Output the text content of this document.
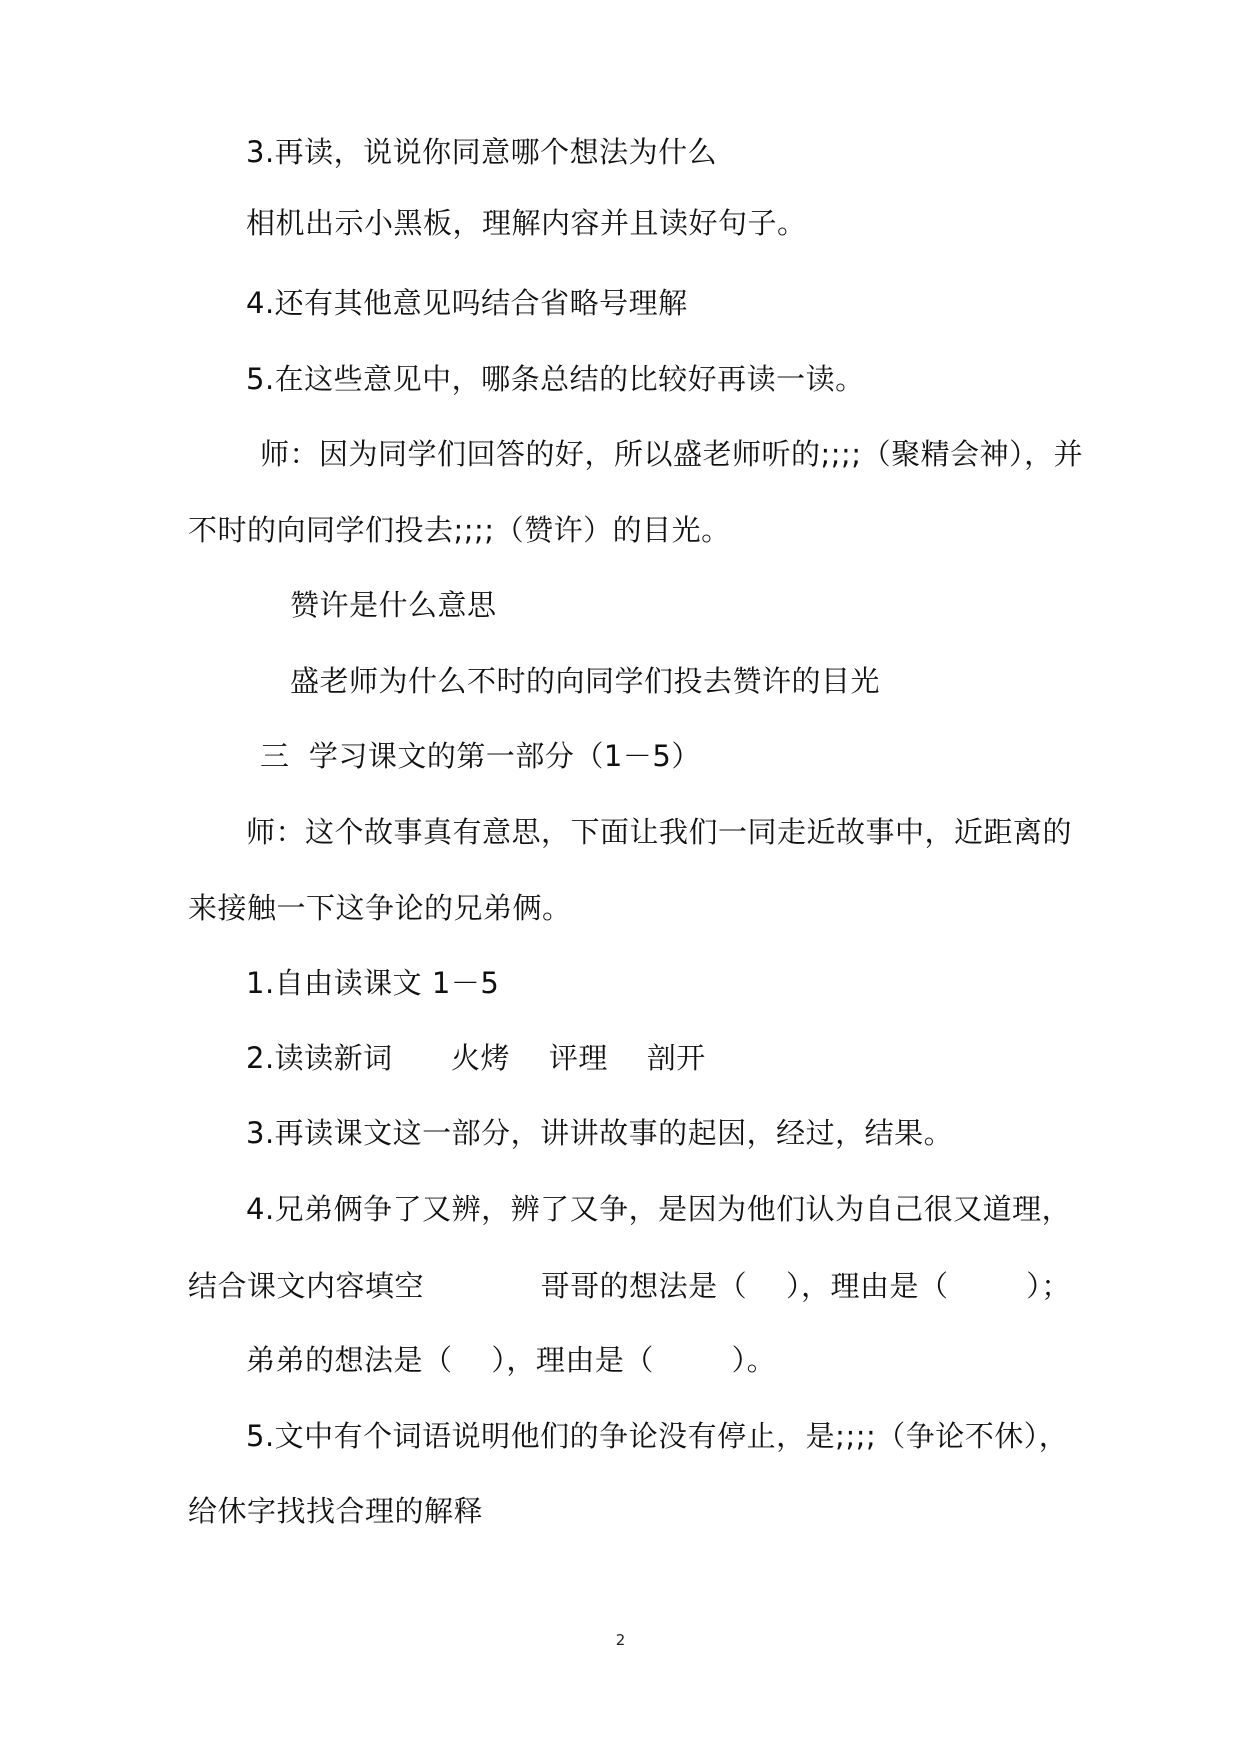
3.再读，说说你同意哪个想法为什么

相机出示小黑板，理解内容并且读好句子。

4.还有其他意见吗结合省略号理解

5.在这些意见中，哪条总结的比较好再读一读。

师：因为同学们回答的好，所以盛老师听的;;;;（聚精会神），并

不时的向同学们投去;;;;（赞许）的目光。

赞许是什么意思

盛老师为什么不时的向同学们投去赞许的目光

三  学习课文的第一部分（1－5）

师：这个故事真有意思，下面让我们一同走近故事中，近距离的

来接触一下这争论的兄弟俩。

1.自由读课文 1－5

2.读读新词      火烤    评理    剖开

3.再读课文这一部分，讲讲故事的起因，经过，结果。

4.兄弟俩争了又辨，辨了又争，是因为他们认为自己很又道理，

结合课文内容填空            哥哥的想法是（    ），理由是（        ）；

弟弟的想法是（    ），理由是（        ）。

5.文中有个词语说明他们的争论没有停止，是;;;;（争论不休），

给休字找找合理的解释

2
